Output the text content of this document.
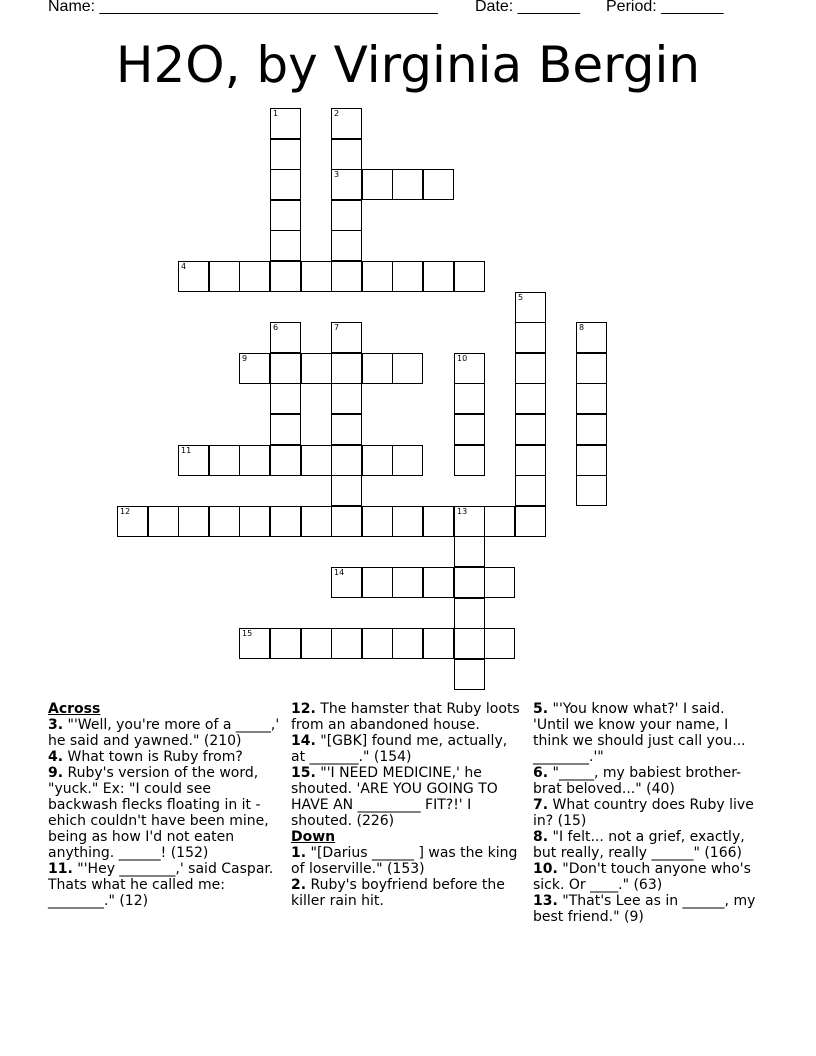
Name: ______________________________________ Date: _______ Period: _______
H2O, by Virginia Bergin
1	2
3
4
5
6	7	8
9	10
11
12	13
14
15
Across
3. "'Well, you're more of a _____,' he said and yawned." (210)
4. What town is Ruby from?
9. Ruby's version of the word, "yuck." Ex: "I could see backwash flecks floating in it - ehich couldn't have been mine, being as how I'd not eaten anything. ______! (152)
11. "'Hey ________,' said Caspar. Thats what he called me: ________." (12)
12. The hamster that Ruby loots from an abandoned house.
14. "[GBK] found me, actually, at _______." (154)
15. "'I NEED MEDICINE,' he shouted. 'ARE YOU GOING TO HAVE AN _________ FIT?!' I shouted. (226)
Down
1. "[Darius ______ ] was the king of loserville." (153)
2. Ruby's boyfriend before the killer rain hit.
5. "'You know what?' I said. 'Until we know your name, I think we should just call you... ________.'"
6. "_____, my babiest brother-brat beloved..." (40)
7. What country does Ruby live in? (15)
8. "I felt... not a grief, exactly, but really, really ______" (166)
10. "Don't touch anyone who's sick. Or ____." (63)
13. "That's Lee as in ______, my best friend." (9)
